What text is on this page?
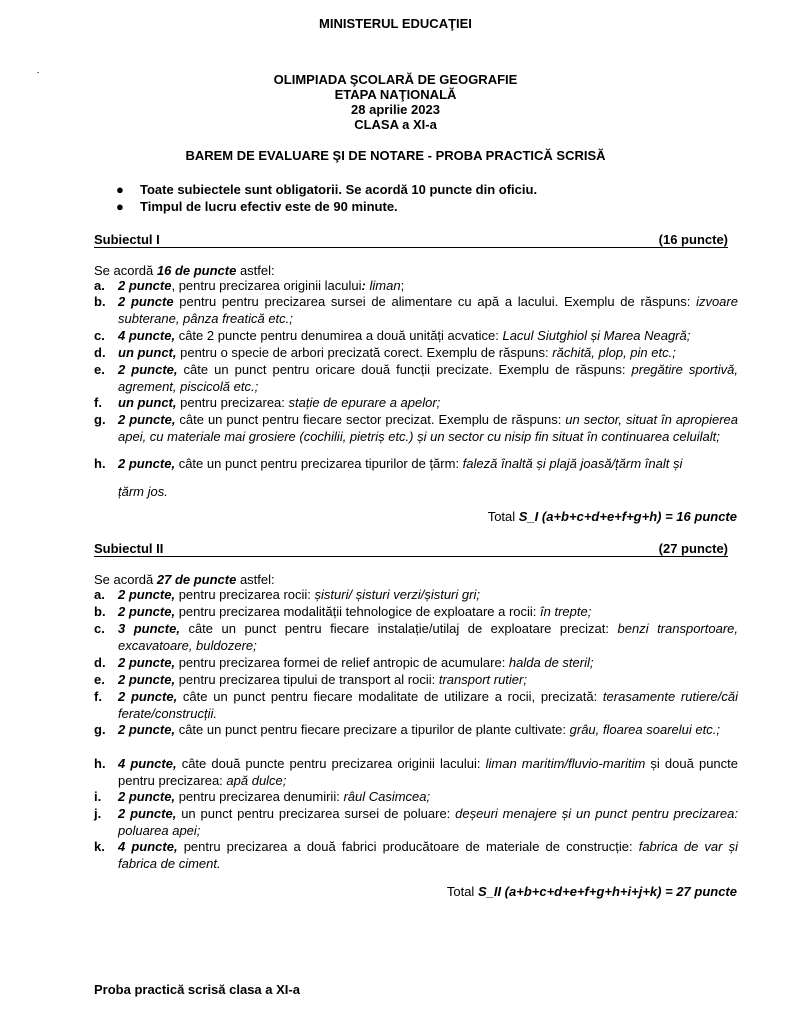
MINISTERUL EDUCAŢIEI
OLIMPIADA ŞCOLARĂ DE GEOGRAFIE
ETAPA NAŢIONALĂ
28 aprilie 2023
CLASA a XI-a
BAREM DE EVALUARE ŞI DE NOTARE - PROBA PRACTICĂ SCRISĂ
● Toate subiectele sunt obligatorii. Se acordă 10 puncte din oficiu.
● Timpul de lucru efectiv este de 90 minute.
Subiectul I	(16 puncte)
Se acordă 16 de puncte astfel:
a. 2 puncte, pentru precizarea originii lacului: liman;
b. 2 puncte pentru pentru precizarea sursei de alimentare cu apă a lacului. Exemplu de răspuns: izvoare subterane, pânza freatică etc.;
c. 4 puncte, câte 2 puncte pentru denumirea a două unități acvatice: Lacul Siutghiol și Marea Neagră;
d. un punct, pentru o specie de arbori precizată corect. Exemplu de răspuns: răchită, plop, pin etc.;
e. 2 puncte, câte un punct pentru oricare două funcții precizate. Exemplu de răspuns: pregătire sportivă, agrement, piscicolă etc.;
f. un punct, pentru precizarea: stație de epurare a apelor;
g. 2 puncte, câte un punct pentru fiecare sector precizat. Exemplu de răspuns: un sector, situat în apropierea apei, cu materiale mai grosiere (cochilii, pietriș etc.) și un sector cu nisip fin situat în continuarea celuilalt;
h. 2 puncte, câte un punct pentru precizarea tipurilor de țărm: faleză înaltă și plajă joasă/țărm înalt și
țărm jos.
Total S_I (a+b+c+d+e+f+g+h) = 16 puncte
Subiectul II	(27 puncte)
Se acordă 27 de puncte astfel:
a. 2 puncte, pentru precizarea rocii: șisturi/ șisturi verzi/șisturi gri;
b. 2 puncte, pentru precizarea modalității tehnologice de exploatare a rocii: în trepte;
c. 3 puncte, câte un punct pentru fiecare instalație/utilaj de exploatare precizat: benzi transportoare, excavatoare, buldozere;
d. 2 puncte, pentru precizarea formei de relief antropic de acumulare: halda de steril;
e. 2 puncte, pentru precizarea tipului de transport al rocii: transport rutier;
f. 2 puncte, câte un punct pentru fiecare modalitate de utilizare a rocii, precizată: terasamente rutiere/căi ferate/construcții.
g. 2 puncte, câte un punct pentru fiecare precizare a tipurilor de plante cultivate: grâu, floarea soarelui etc.;
h. 4 puncte, câte două puncte pentru precizarea originii lacului: liman maritim/fluvio-maritim și două puncte pentru precizarea: apă dulce;
i. 2 puncte, pentru precizarea denumirii: râul Casimcea;
j. 2 puncte, un punct pentru precizarea sursei de poluare: deșeuri menajere și un punct pentru precizarea: poluarea apei;
k. 4 puncte, pentru precizarea a două fabrici producătoare de materiale de construcție: fabrica de var și fabrica de ciment.
Total S_II (a+b+c+d+e+f+g+h+i+j+k) = 27 puncte
Proba practică scrisă clasa a XI-a
